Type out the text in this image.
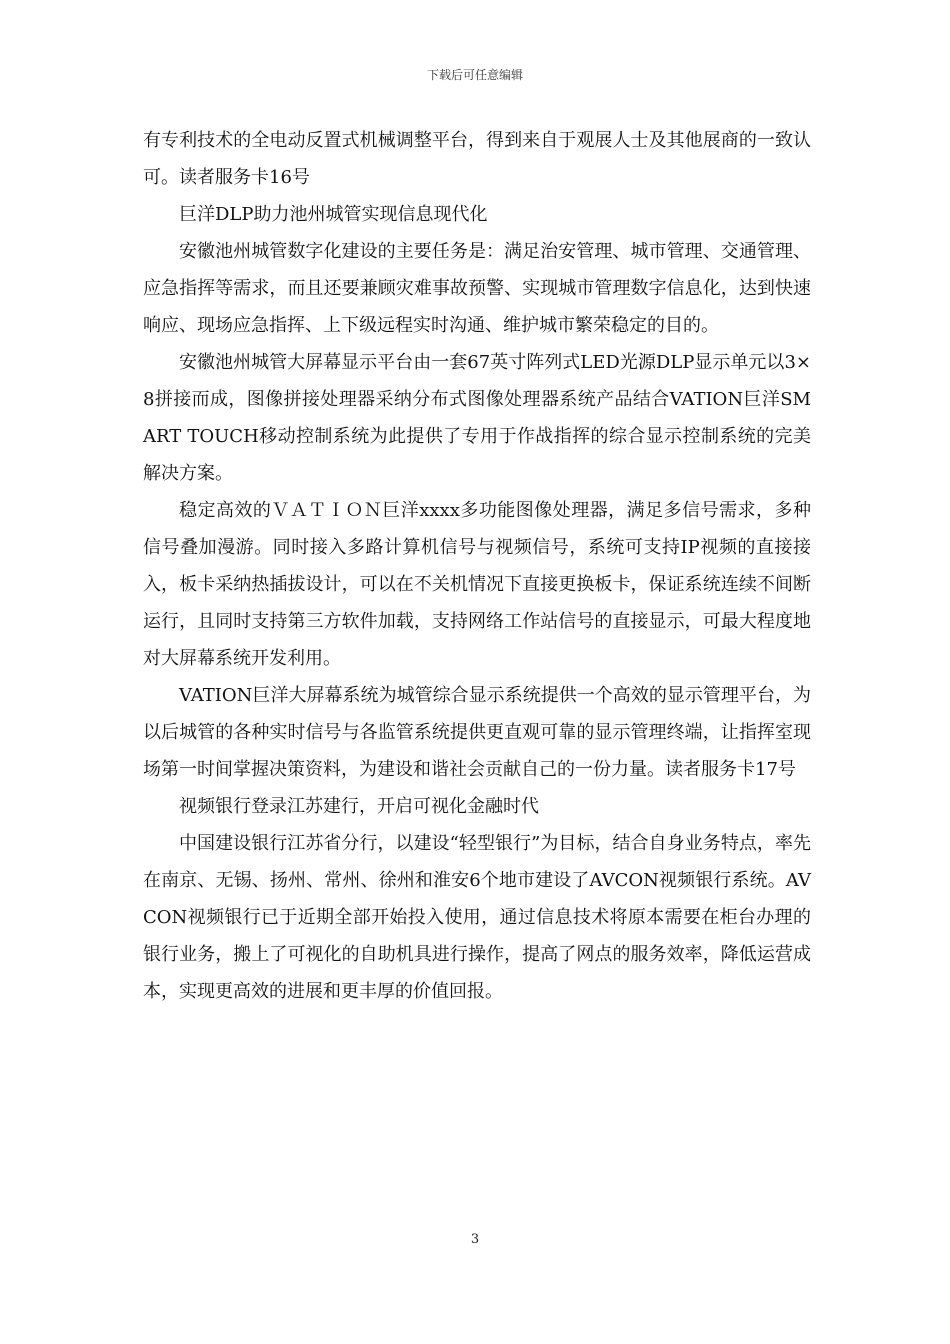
下载后可任意编辑

有专利技术的全电动反置式机械调整平台，得到来自于观展人士及其他展商的一致认可。读者服务卡16号

巨洋DLP助力池州城管实现信息现代化

安徽池州城管数字化建设的主要任务是：满足治安管理、城市管理、交通管理、应急指挥等需求，而且还要兼顾灾难事故预警、实现城市管理数字信息化，达到快速响应、现场应急指挥、上下级远程实时沟通、维护城市繁荣稳定的目的。

安徽池州城管大屏幕显示平台由一套67英寸阵列式LED光源DLP显示单元以3×8拼接而成，图像拼接处理器采纳分布式图像处理器系统产品结合VATION巨洋SMART TOUCH移动控制系统为此提供了专用于作战指挥的综合显示控制系统的完美解决方案。

稳定高效的ＶＡＴＩＯＮ巨洋xxxx多功能图像处理器，满足多信号需求，多种信号叠加漫游。同时接入多路计算机信号与视频信号，系统可支持IP视频的直接接入，板卡采纳热插拔设计，可以在不关机情况下直接更换板卡，保证系统连续不间断运行，且同时支持第三方软件加载，支持网络工作站信号的直接显示，可最大程度地对大屏幕系统开发利用。

VATION巨洋大屏幕系统为城管综合显示系统提供一个高效的显示管理平台，为以后城管的各种实时信号与各监管系统提供更直观可靠的显示管理终端，让指挥室现场第一时间掌握决策资料，为建设和谐社会贡献自己的一份力量。读者服务卡17号

视频银行登录江苏建行，开启可视化金融时代

中国建设银行江苏省分行，以建设“轻型银行”为目标，结合自身业务特点，率先在南京、无锡、扬州、常州、徐州和淮安6个地市建设了AVCON视频银行系统。AVCON视频银行已于近期全部开始投入使用，通过信息技术将原本需要在柜台办理的银行业务，搬上了可视化的自助机具进行操作，提高了网点的服务效率，降低运营成本，实现更高效的进展和更丰厚的价值回报。

3
